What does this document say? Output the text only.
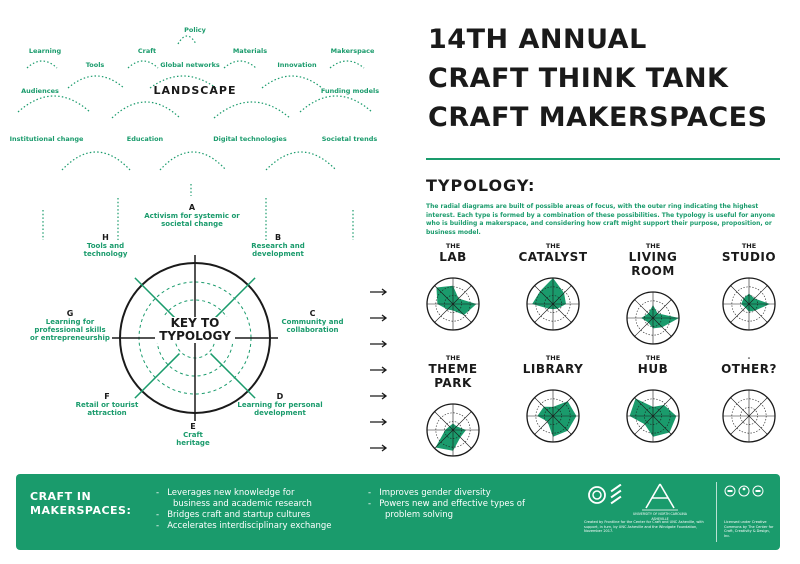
Policy
Learning	Craft	Materials	Makerspace
Tools	Global networks	Innovation
Audiences	LANDSCAPE	Funding models
Institutional change	Education	Digital technologies	Societal trends
A
Activism for systemic or societal change
B
Research and development
C
Community and collaboration
D
Learning for personal development
E
Craft heritage
F
Retail or tourist attraction
G
Learning for professional skills or entrepreneurship
H
Tools and technology
KEY TO
TYPOLOGY
14TH ANNUAL
CRAFT THINK TANK
CRAFT MAKERSPACES
TYPOLOGY:
The radial diagrams are built of possible areas of focus, with the outer ring indicating the highest interest. Each type is formed by a combination of these possibilities. The typology is useful for anyone who is building a makerspace, and considering how craft might support their purpose, proposition, or business model.
THE
LAB
THE
CATALYST
THE
LIVING ROOM
THE
STUDIO
THE
THEME PARK
THE
LIBRARY
THE
HUB
-
OTHER?
CRAFT IN
MAKERSPACES:
-   Leverages new knowledge for
business and academic research
-   Bridges craft and startup cultures
-   Accelerates interdisciplinary exchange
-   Improves gender diversity
-   Powers new and effective types of
problem solving	UNIVERSITY OF NORTH CAROLINA ASHEVILLE
Created by Frontline for the Center for Craft and UNC Asheville, with support, in turn, by UNC Asheville and the Windgate Foundation, November 2017.
Licensed under Creative Commons by The Center for Craft, Creativity & Design, Inc.
